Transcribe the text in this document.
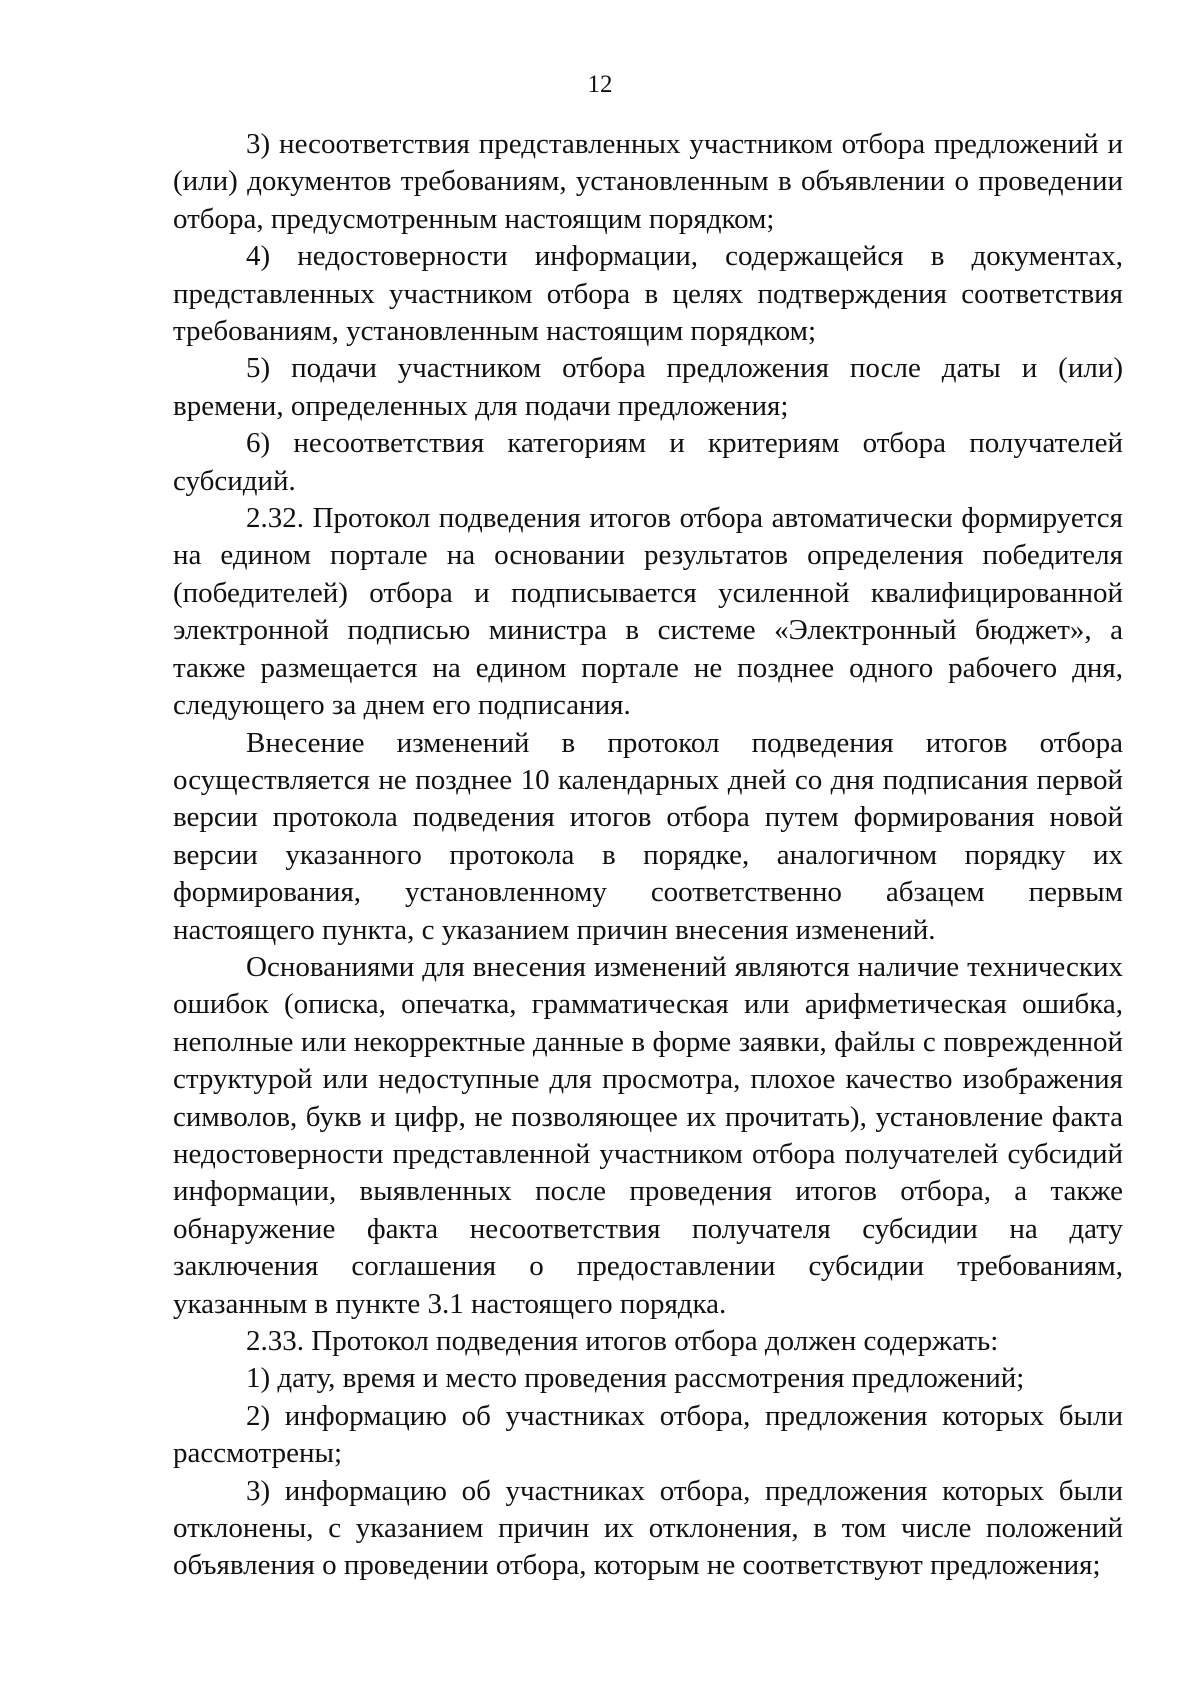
12

3) несоответствия представленных участником отбора предложений и (или) документов требованиям, установленным в объявлении о проведении отбора, предусмотренным настоящим порядком;

4) недостоверности информации, содержащейся в документах, представленных участником отбора в целях подтверждения соответствия требованиям, установленным настоящим порядком;

5) подачи участником отбора предложения после даты и (или) времени, определенных для подачи предложения;

6) несоответствия категориям и критериям отбора получателей субсидий.

2.32. Протокол подведения итогов отбора автоматически формируется на едином портале на основании результатов определения победителя (победителей) отбора и подписывается усиленной квалифицированной электронной подписью министра в системе «Электронный бюджет», а также размещается на едином портале не позднее одного рабочего дня, следующего за днем его подписания.

Внесение изменений в протокол подведения итогов отбора осуществляется не позднее 10 календарных дней со дня подписания первой версии протокола подведения итогов отбора путем формирования новой версии указанного протокола в порядке, аналогичном порядку их формирования, установленному соответственно абзацем первым настоящего пункта, с указанием причин внесения изменений.

Основаниями для внесения изменений являются наличие технических ошибок (описка, опечатка, грамматическая или арифметическая ошибка, неполные или некорректные данные в форме заявки, файлы с поврежденной структурой или недоступные для просмотра, плохое качество изображения символов, букв и цифр, не позволяющее их прочитать), установление факта недостоверности представленной участником отбора получателей субсидий информации, выявленных после проведения итогов отбора, а также обнаружение факта несоответствия получателя субсидии на дату заключения соглашения о предоставлении субсидии требованиям, указанным в пункте 3.1 настоящего порядка.

2.33. Протокол подведения итогов отбора должен содержать:

1) дату, время и место проведения рассмотрения предложений;

2) информацию об участниках отбора, предложения которых были рассмотрены;

3) информацию об участниках отбора, предложения которых были отклонены, с указанием причин их отклонения, в том числе положений объявления о проведении отбора, которым не соответствуют предложения;
